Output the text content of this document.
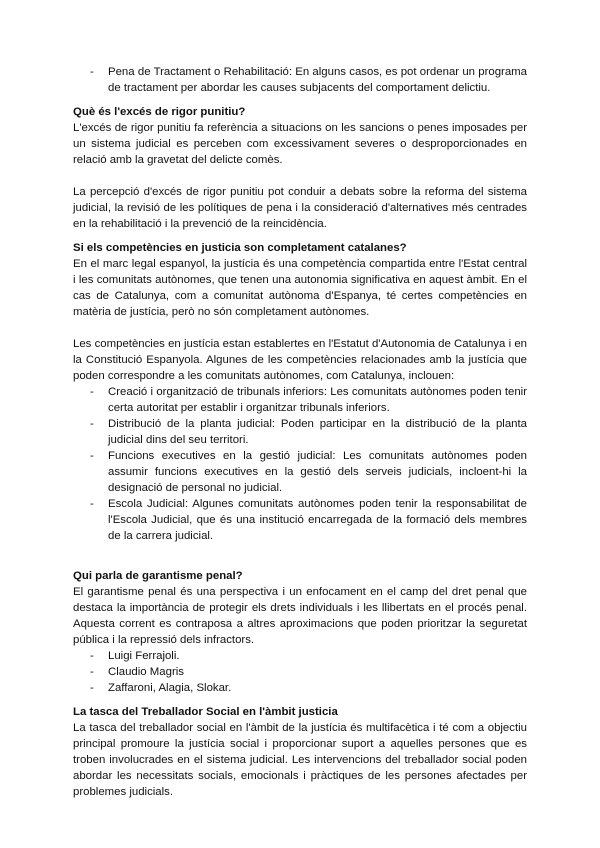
- Pena de Tractament o Rehabilitació: En alguns casos, es pot ordenar un programa de tractament per abordar les causes subjacents del comportament delictiu.
Què és l'excés de rigor punitiu?

L'excés de rigor punitiu fa referència a situacions on les sancions o penes imposades per un sistema judicial es perceben com excessivament severes o desproporcionades en relació amb la gravetat del delicte comès.

La percepció d'excés de rigor punitiu pot conduir a debats sobre la reforma del sistema judicial, la revisió de les polítiques de pena i la consideració d'alternatives més centrades en la rehabilitació i la prevenció de la reincidència.

Si els competències en justicia son completament catalanes?

En el marc legal espanyol, la justícia és una competència compartida entre l'Estat central i les comunitats autònomes, que tenen una autonomia significativa en aquest àmbit. En el cas de Catalunya, com a comunitat autònoma d'Espanya, té certes competències en matèria de justícia, però no són completament autònomes.

Les competències en justícia estan establertes en l'Estatut d'Autonomia de Catalunya i en la Constitució Espanyola. Algunes de les competències relacionades amb la justícia que poden correspondre a les comunitats autònomes, com Catalunya, inclouen:

- Creació i organització de tribunals inferiors: Les comunitats autònomes poden tenir certa autoritat per establir i organitzar tribunals inferiors.
- Distribució de la planta judicial: Poden participar en la distribució de la planta judicial dins del seu territori.
- Funcions executives en la gestió judicial: Les comunitats autònomes poden assumir funcions executives en la gestió dels serveis judicials, incloent-hi la designació de personal no judicial.
- Escola Judicial: Algunes comunitats autònomes poden tenir la responsabilitat de l'Escola Judicial, que és una institució encarregada de la formació dels membres de la carrera judicial.
Qui parla de garantisme penal?

El garantisme penal és una perspectiva i un enfocament en el camp del dret penal que destaca la importància de protegir els drets individuals i les llibertats en el procés penal. Aquesta corrent es contraposa a altres aproximacions que poden prioritzar la seguretat pública i la repressió dels infractors.

- Luigi Ferrajoli.
- Claudio Magris
- Zaffaroni, Alagia, Slokar.
La tasca del Treballador Social en l'àmbit justicia

La tasca del treballador social en l'àmbit de la justícia és multifacètica i té com a objectiu principal promoure la justícia social i proporcionar suport a aquelles persones que es troben involucrades en el sistema judicial. Les intervencions del treballador social poden abordar les necessitats socials, emocionals i pràctiques de les persones afectades per problemes judicials.
